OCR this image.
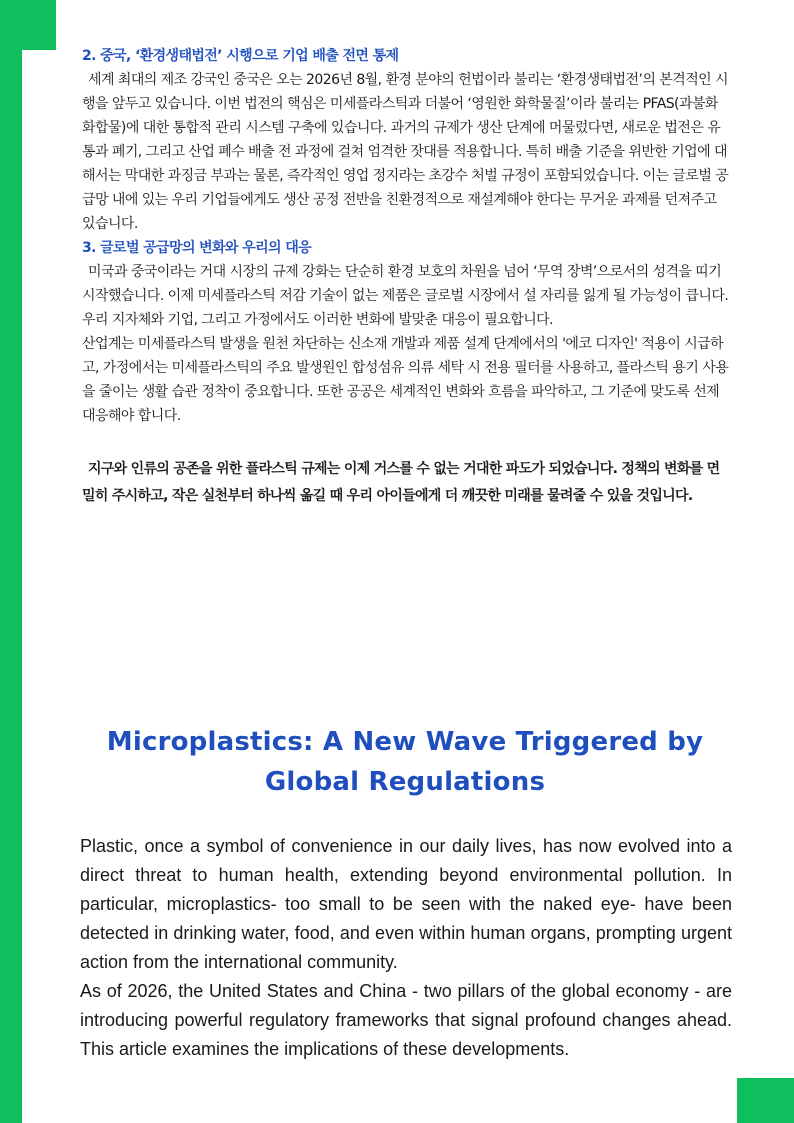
2. 중국, ‘환경생태법전’ 시행으로 기업 배출 전면 통제

세계 최대의 제조 강국인 중국은 오는 2026년 8월, 환경 분야의 헌법이라 불리는 ‘환경생태법전’의 본격적인 시행을 앞두고 있습니다. 이번 법전의 핵심은 미세플라스틱과 더불어 ‘영원한 화학물질’이라 불리는 PFAS(과불화화합물)에 대한 통합적 관리 시스템 구축에 있습니다. 과거의 규제가 생산 단계에 머물렀다면, 새로운 법전은 유통과 폐기, 그리고 산업 폐수 배출 전 과정에 걸쳐 엄격한 잣대를 적용합니다. 특히 배출 기준을 위반한 기업에 대해서는 막대한 과징금 부과는 물론, 즉각적인 영업 정지라는 초강수 처벌 규정이 포함되었습니다. 이는 글로벌 공급망 내에 있는 우리 기업들에게도 생산 공정 전반을 친환경적으로 재설계해야 한다는 무거운 과제를 던져주고 있습니다.

3. 글로벌 공급망의 변화와 우리의 대응

미국과 중국이라는 거대 시장의 규제 강화는 단순히 환경 보호의 차원을 넘어 ‘무역 장벽’으로서의 성격을 띠기 시작했습니다. 이제 미세플라스틱 저감 기술이 없는 제품은 글로벌 시장에서 설 자리를 잃게 될 가능성이 큽니다.

우리 지자체와 기업, 그리고 가정에서도 이러한 변화에 발맞춘 대응이 필요합니다.

산업계는 미세플라스틱 발생을 원천 차단하는 신소재 개발과 제품 설계 단계에서의 '에코 디자인' 적용이 시급하고, 가정에서는 미세플라스틱의 주요 발생원인 합성섬유 의류 세탁 시 전용 필터를 사용하고, 플라스틱 용기 사용을 줄이는 생활 습관 정착이 중요합니다. 또한 공공은 세계적인 변화와 흐름을 파악하고, 그 기준에 맞도록 선제 대응해야 합니다.

지구와 인류의 공존을 위한 플라스틱 규제는 이제 거스를 수 없는 거대한 파도가 되었습니다. 정책의 변화를 면밀히 주시하고, 작은 실천부터 하나씩 옮길 때 우리 아이들에게 더 깨끗한 미래를 물려줄 수 있을 것입니다.

Microplastics: A New Wave Triggered by Global Regulations

Plastic, once a symbol of convenience in our daily lives, has now evolved into a direct threat to human health, extending beyond environmental pollution. In particular, microplastics- too small to be seen with the naked eye- have been detected in drinking water, food, and even within human organs, prompting urgent action from the international community.

As of 2026, the United States and China - two pillars of the global economy - are introducing powerful regulatory frameworks that signal profound changes ahead. This article examines the implications of these developments.
